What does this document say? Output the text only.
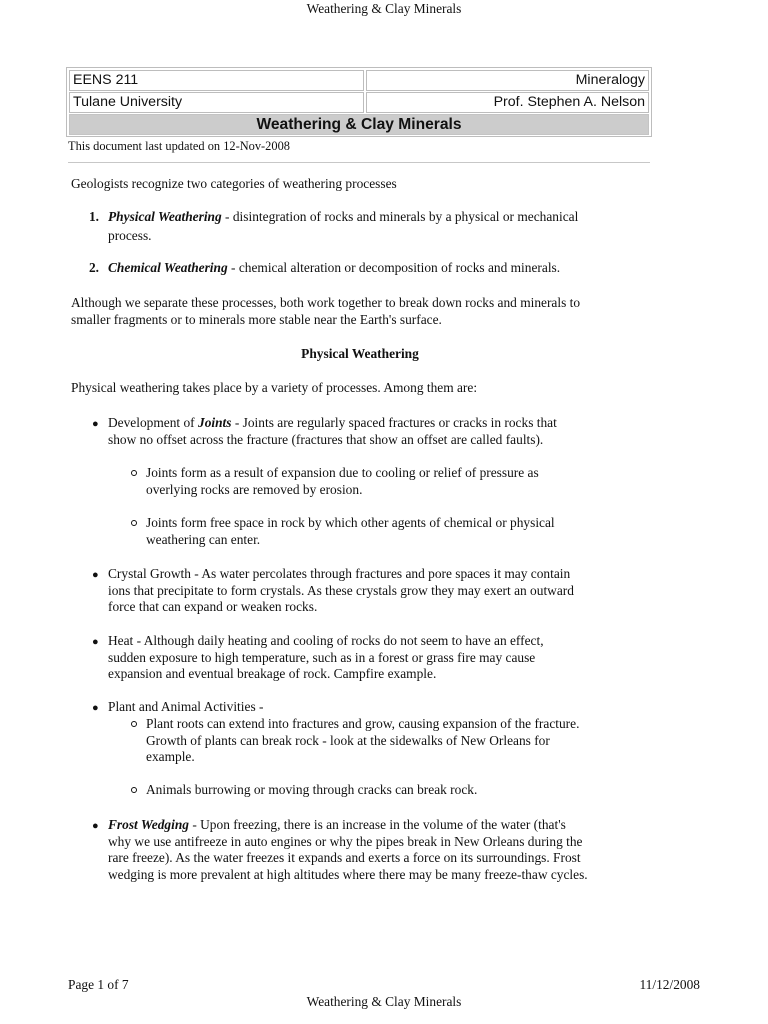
Weathering & Clay Minerals
EENS 211	Mineralogy
Tulane University	Prof. Stephen A. Nelson
Weathering & Clay Minerals
This document last updated on 12-Nov-2008
Geologists recognize two categories of weathering processes
1. Physical Weathering - disintegration of rocks and minerals by a physical or mechanical
process.
2. Chemical Weathering - chemical alteration or decomposition of rocks and minerals.
Although we separate these processes, both work together to break down rocks and minerals to
smaller fragments or to minerals more stable near the Earth's surface.
Physical Weathering
Physical weathering takes place by a variety of processes. Among them are:
● Development of Joints - Joints are regularly spaced fractures or cracks in rocks that
show no offset across the fracture (fractures that show an offset are called faults).
Joints form as a result of expansion due to cooling or relief of pressure as
overlying rocks are removed by erosion.
Joints form free space in rock by which other agents of chemical or physical
weathering can enter.
● Crystal Growth - As water percolates through fractures and pore spaces it may contain
ions that precipitate to form crystals. As these crystals grow they may exert an outward
force that can expand or weaken rocks.
● Heat - Although daily heating and cooling of rocks do not seem to have an effect,
sudden exposure to high temperature, such as in a forest or grass fire may cause
expansion and eventual breakage of rock. Campfire example.
● Plant and Animal Activities -
Plant roots can extend into fractures and grow, causing expansion of the fracture.
Growth of plants can break rock - look at the sidewalks of New Orleans for
example.
Animals burrowing or moving through cracks can break rock.
● Frost Wedging - Upon freezing, there is an increase in the volume of the water (that's
why we use antifreeze in auto engines or why the pipes break in New Orleans during the
rare freeze). As the water freezes it expands and exerts a force on its surroundings. Frost
wedging is more prevalent at high altitudes where there may be many freeze-thaw cycles.
Page 1 of 7	11/12/2008
Weathering & Clay Minerals
